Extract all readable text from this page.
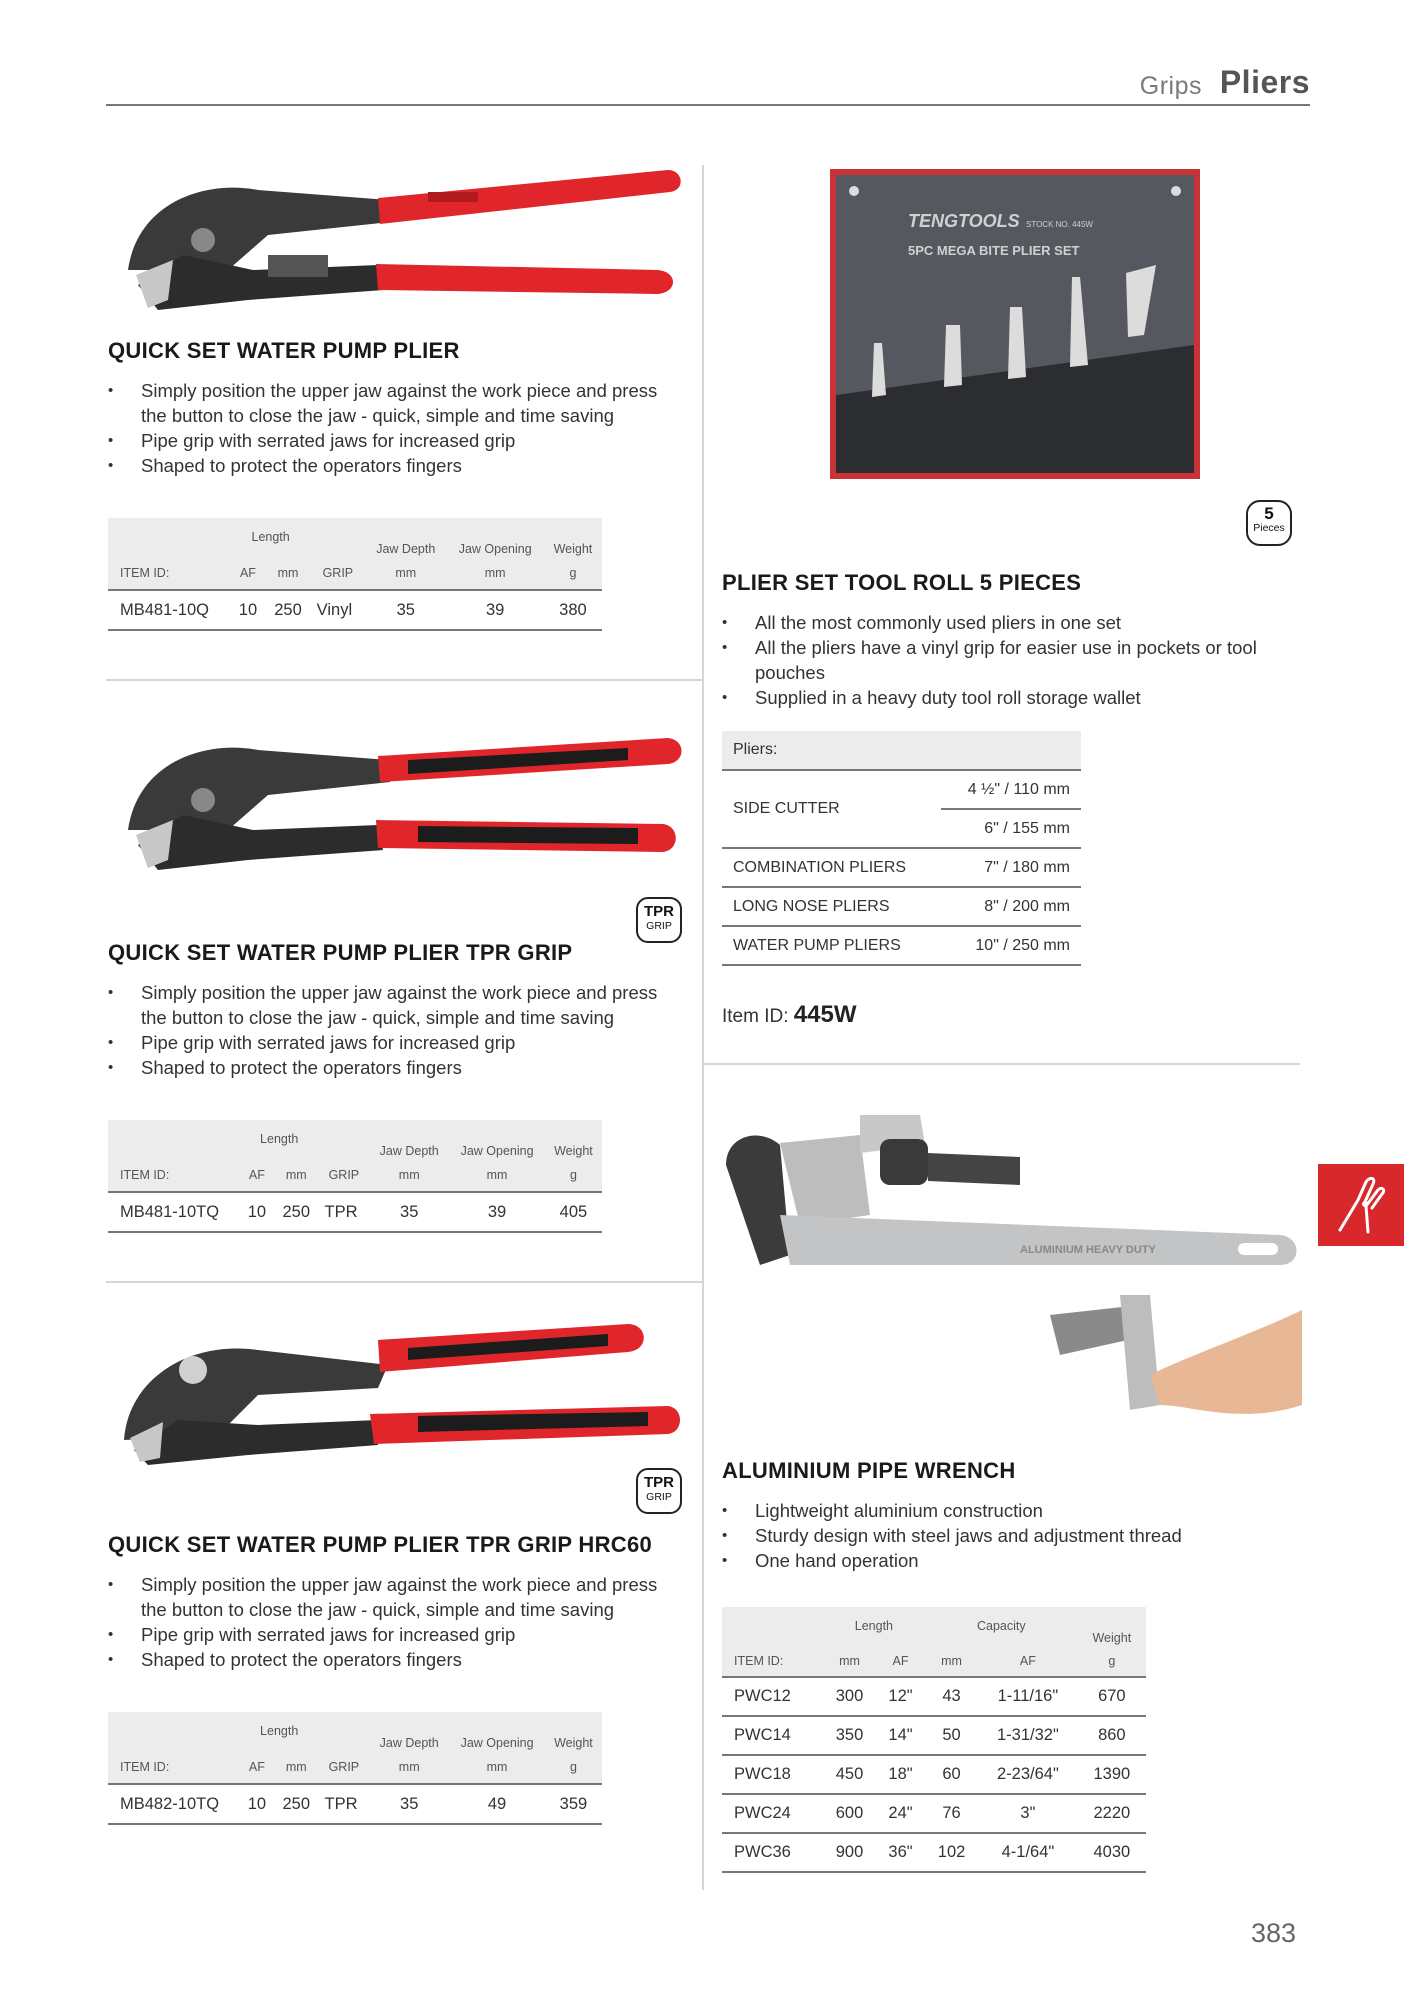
Grips Pliers
QUICK SET WATER PUMP PLIER
• Simply position the upper jaw against the work piece and press the button to close the jaw - quick, simple and time saving
• Pipe grip with serrated jaws for increased grip
• Shaped to protect the operators fingers
	Length			Jaw Depth	Jaw Opening	Weight
ITEM ID:	AF	mm	GRIP	mm	mm	g
MB481-10Q	10	250	Vinyl	35	39	380
TPR
GRIP
QUICK SET WATER PUMP PLIER TPR GRIP
• Simply position the upper jaw against the work piece and press the button to close the jaw - quick, simple and time saving
• Pipe grip with serrated jaws for increased grip
• Shaped to protect the operators fingers
	Length			Jaw Depth	Jaw Opening	Weight
ITEM ID:	AF	mm	GRIP	mm	mm	g
MB481-10TQ	10	250	TPR	35	39	405
TPR
GRIP
QUICK SET WATER PUMP PLIER TPR GRIP HRC60
• Simply position the upper jaw against the work piece and press the button to close the jaw - quick, simple and time saving
• Pipe grip with serrated jaws for increased grip
• Shaped to protect the operators fingers
	Length			Jaw Depth	Jaw Opening	Weight
ITEM ID:	AF	mm	GRIP	mm	mm	g
MB482-10TQ	10	250	TPR	35	49	359
TENGTOOLS STOCK NO. 445W
5PC MEGA BITE PLIER SET
5
Pieces
PLIER SET TOOL ROLL 5 PIECES
• All the most commonly used pliers in one set
• All the pliers have a vinyl grip for easier use in pockets or tool pouches
• Supplied in a heavy duty tool roll storage wallet
Pliers:	
SIDE CUTTER	4 ½" / 110 mm
	6" / 155 mm
COMBINATION PLIERS	7" / 180 mm
LONG NOSE PLIERS	8" / 200 mm
WATER PUMP PLIERS	10" / 250 mm
Item ID: 445W
ALUMINIUM HEAVY DUTY
ALUMINIUM PIPE WRENCH
• Lightweight aluminium construction
• Sturdy design with steel jaws and adjustment thread
• One hand operation
	Length		Capacity		Weight
ITEM ID:	mm	AF	mm	AF	g
PWC12	300	12"	43	1-11/16"	670
PWC14	350	14"	50	1-31/32"	860
PWC18	450	18"	60	2-23/64"	1390
PWC24	600	24"	76	3"	2220
PWC36	900	36"	102	4-1/64"	4030
383
